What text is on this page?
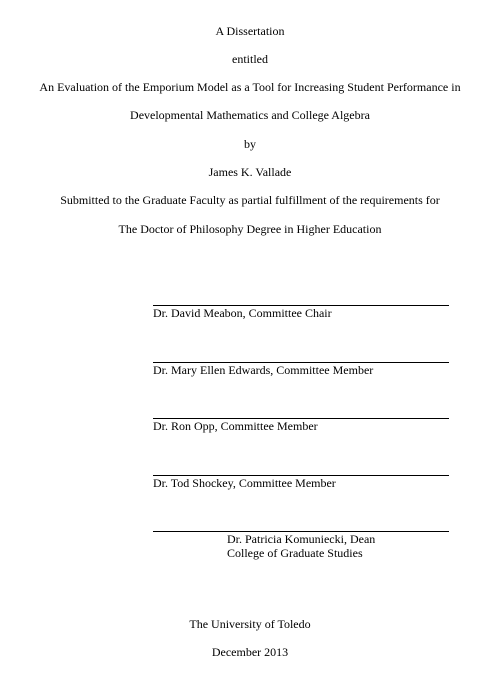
A Dissertation
entitled
An Evaluation of the Emporium Model as a Tool for Increasing Student Performance in
Developmental Mathematics and College Algebra
by
James K. Vallade
Submitted to the Graduate Faculty as partial fulfillment of the requirements for
The Doctor of Philosophy Degree in Higher Education
Dr. David Meabon, Committee Chair
Dr. Mary Ellen Edwards, Committee Member
Dr. Ron Opp, Committee Member
Dr. Tod Shockey, Committee Member
Dr. Patricia Komuniecki, Dean
College of Graduate Studies
The University of Toledo
December 2013
